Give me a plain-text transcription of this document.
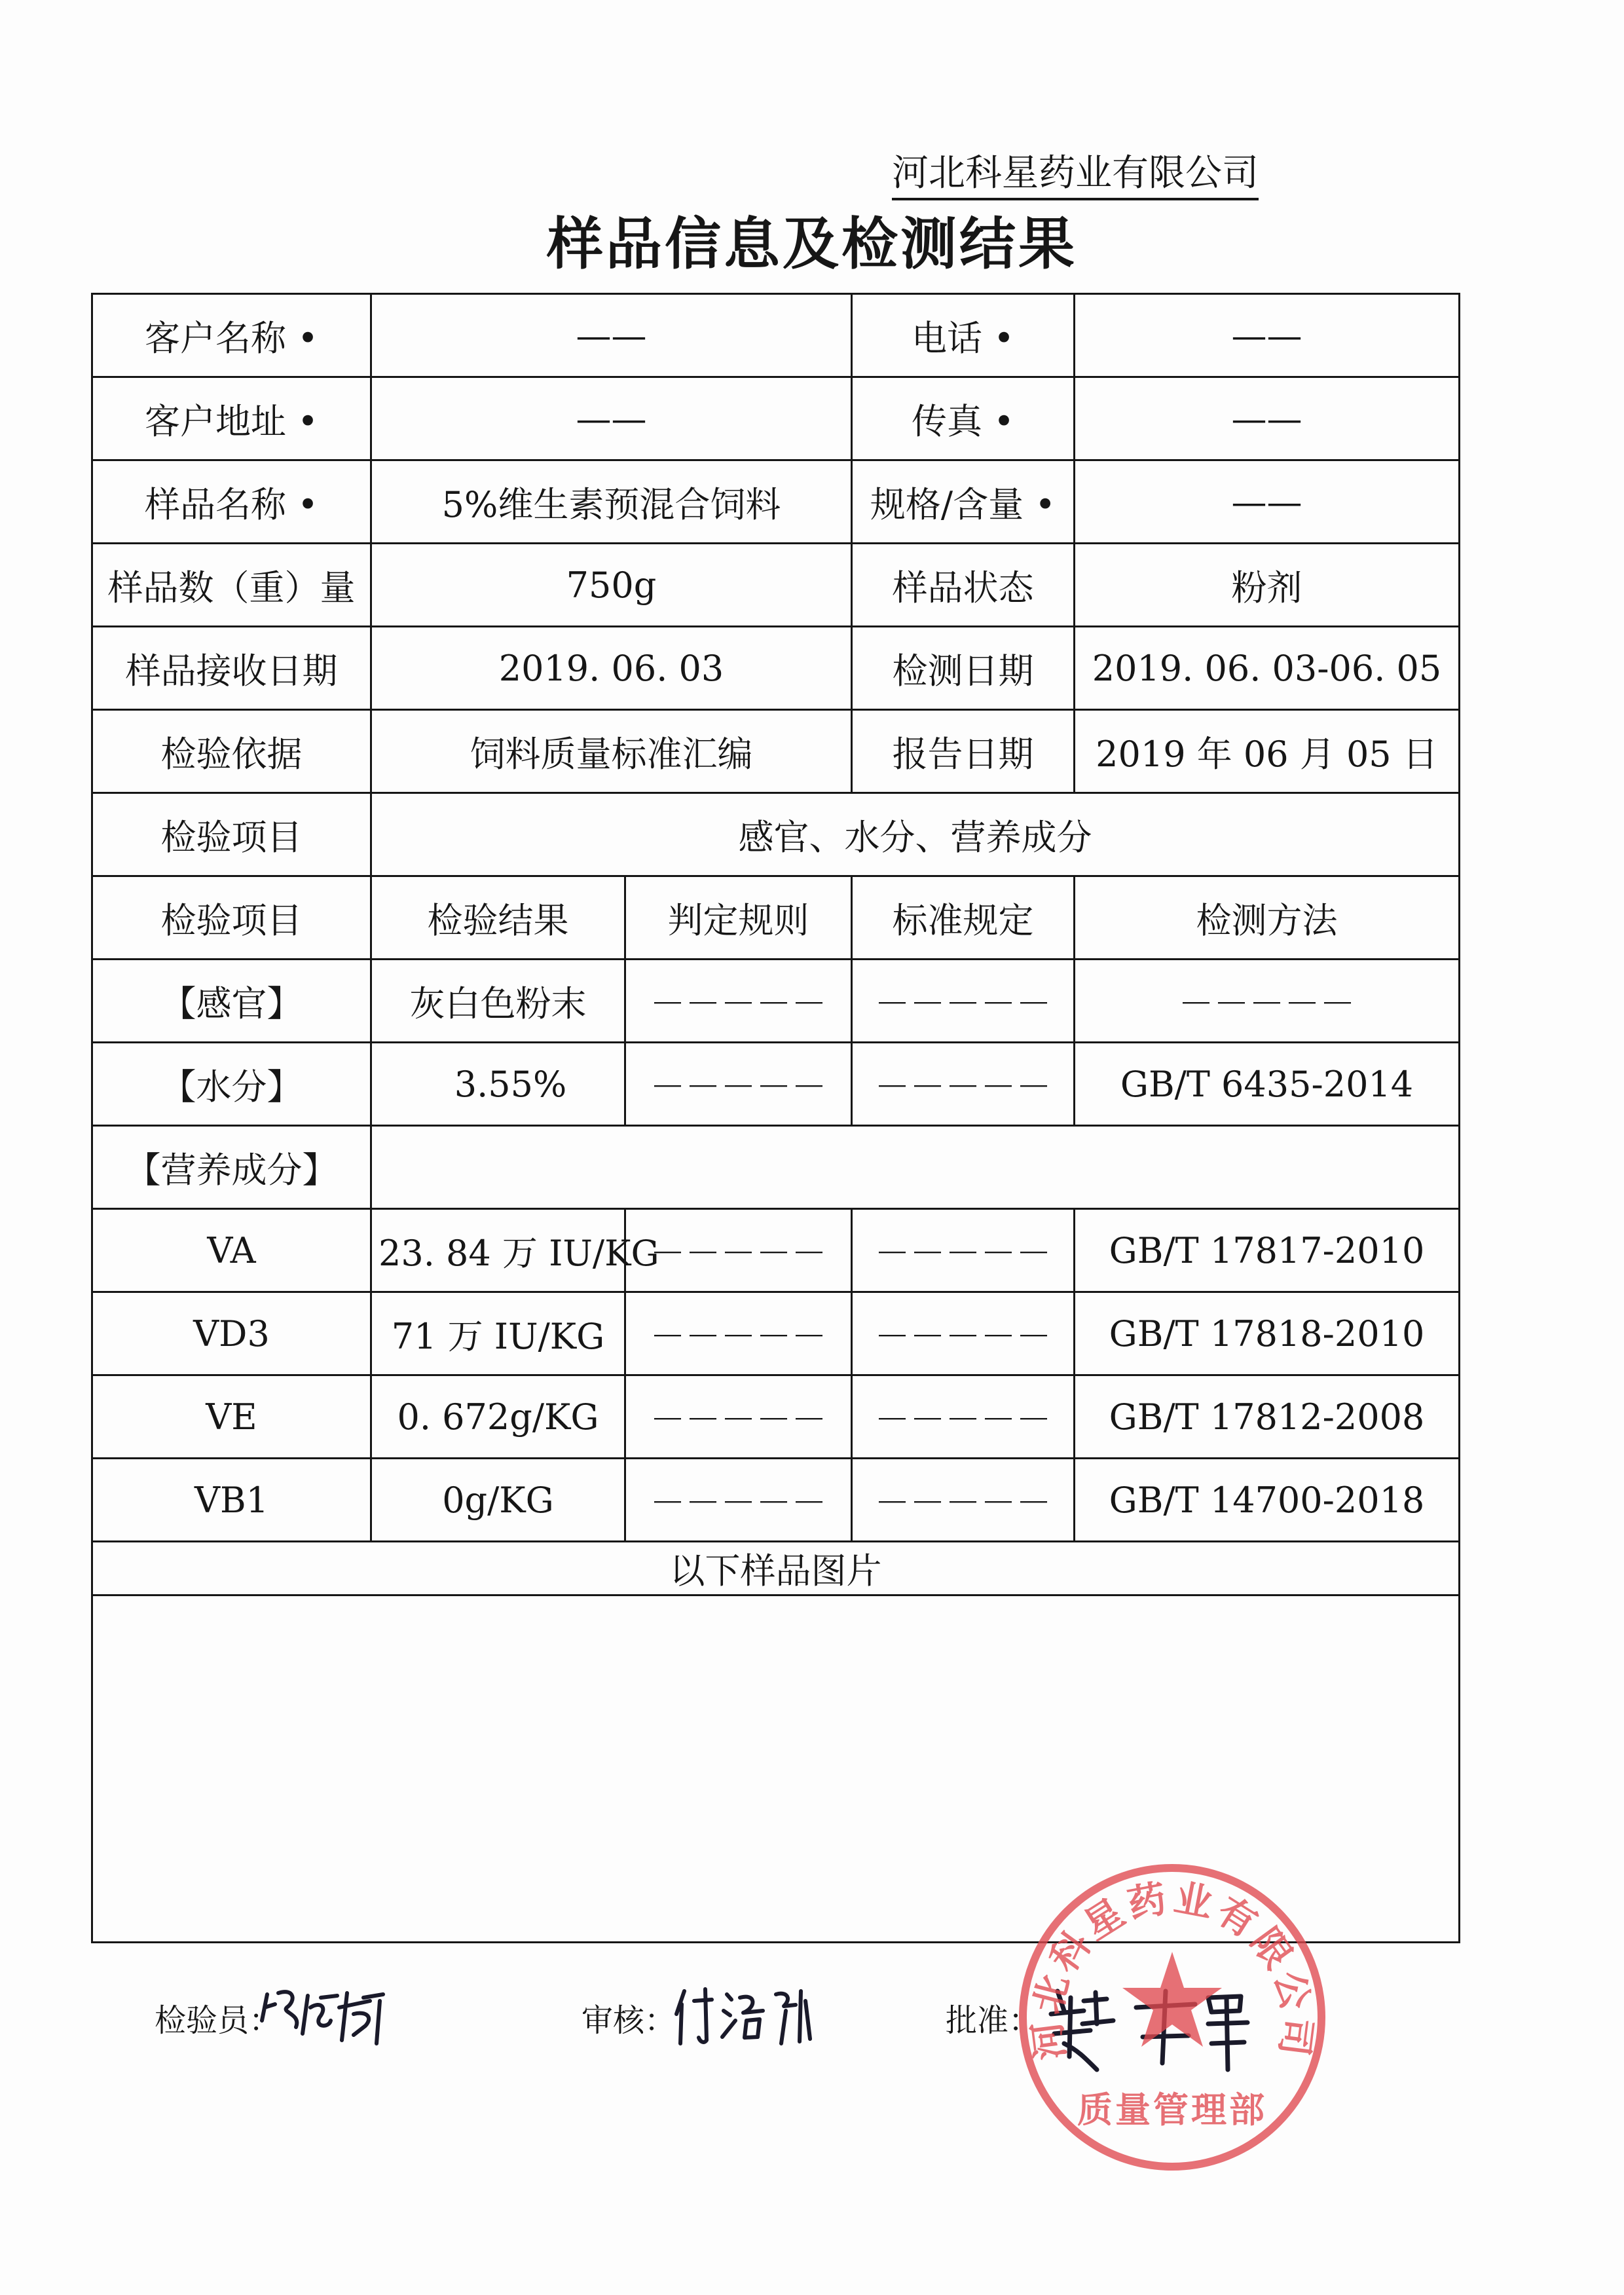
河北科星药业有限公司
样品信息及检测结果
客户名称 •	——		电话 •	——
客户地址 •	——		传真 •	——
样品名称 •	5%维生素预混合饲料		规格/含量 •	——
样品数（重）量	750g		样品状态	粉剂
样品接收日期	2019. 06. 03		检测日期	2019. 06. 03-06. 05
检验依据	饲料质量标准汇编		报告日期	2019 年 06 月 05 日
检验项目	感官、水分、营养成分			
检验项目	检验结果	判定规则	标准规定	检测方法
【感官】	灰白色粉末	－－－－－	－－－－－	－－－－－
【水分】	3.55%	－－－－－	－－－－－	GB/T 6435-2014
【营养成分】				
VA	23. 84 万 IU/KG	－－－－－	－－－－－	GB/T 17817-2010
VD3	71 万 IU/KG	－－－－－	－－－－－	GB/T 17818-2010
VE	0. 672g/KG	－－－－－	－－－－－	GB/T 17812-2008
VB1	0g/KG	－－－－－	－－－－－	GB/T 14700-2018
以下样品图片				

检验员：	审核：	批准：
河北科星药业有限公司
质量管理部
